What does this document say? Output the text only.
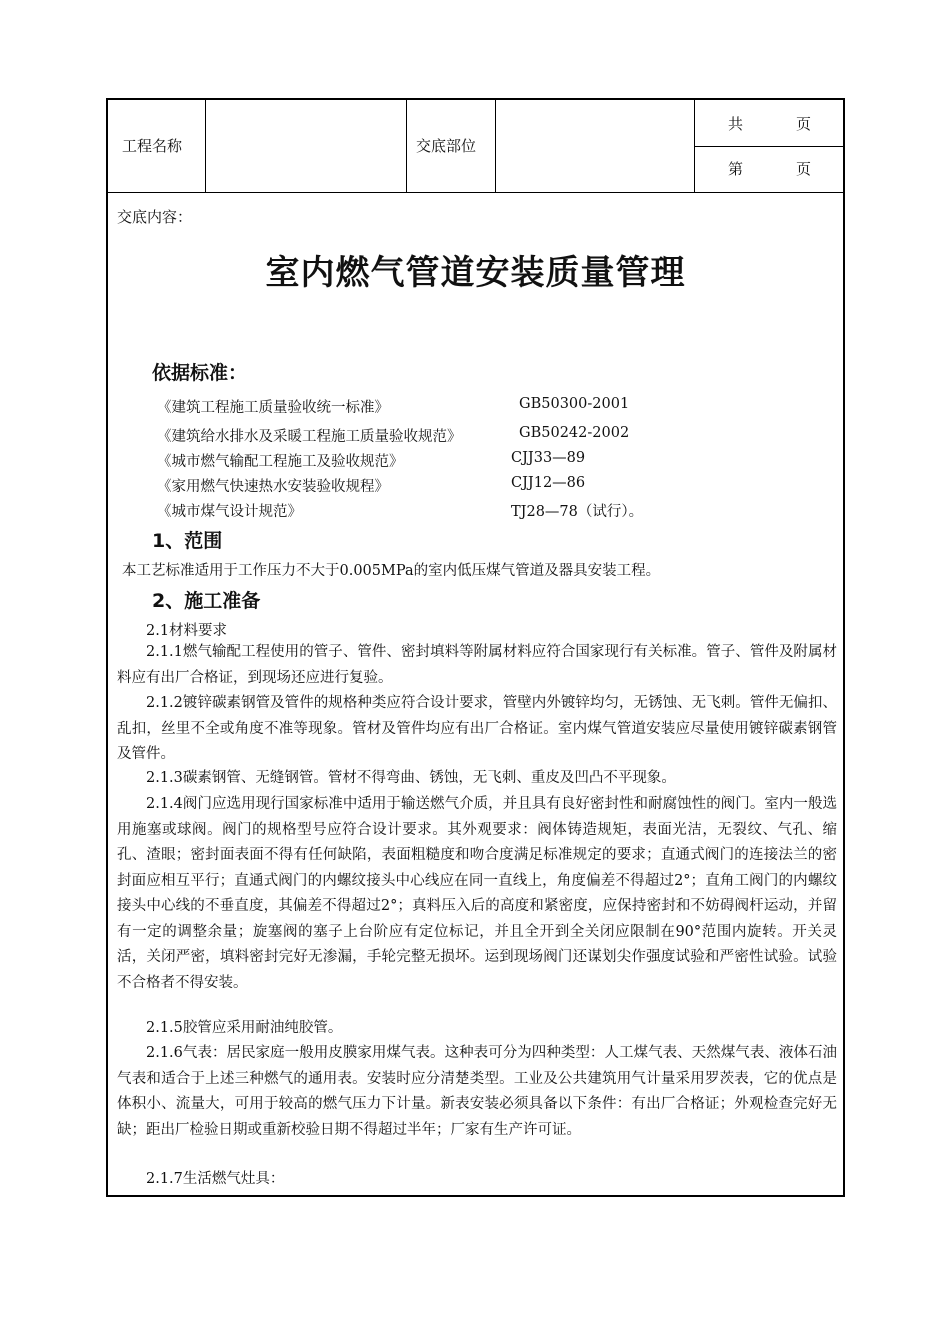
工程名称	交底部位
共	页
第	页
交底内容：
室内燃气管道安装质量管理
依据标准：
《建筑工程施工质量验收统一标准》	GB50300-2001
《建筑给水排水及采暖工程施工质量验收规范》	GB50242-2002
《城市燃气输配工程施工及验收规范》	CJJ33—89
《家用燃气快速热水安装验收规程》	CJJ12—86
《城市煤气设计规范》	TJ28—78（试行）。
1、范围
本工艺标准适用于工作压力不大于0.005MPa的室内低压煤气管道及器具安装工程。
2、施工准备
2.1材料要求
2.1.1燃气输配工程使用的管子、管件、密封填料等附属材料应符合国家现行有关标准。管子、管件及附属材料应有出厂合格证，到现场还应进行复验。
2.1.2镀锌碳素钢管及管件的规格种类应符合设计要求，管壁内外镀锌均匀，无锈蚀、无飞刺。管件无偏扣、乱扣，丝里不全或角度不准等现象。管材及管件均应有出厂合格证。室内煤气管道安装应尽量使用镀锌碳素钢管及管件。
2.1.3碳素钢管、无缝钢管。管材不得弯曲、锈蚀，无飞刺、重皮及凹凸不平现象。
2.1.4阀门应选用现行国家标准中适用于输送燃气介质，并且具有良好密封性和耐腐蚀性的阀门。室内一般选用施塞或球阀。阀门的规格型号应符合设计要求。其外观要求：阀体铸造规矩，表面光洁，无裂纹、气孔、缩孔、渣眼；密封面表面不得有任何缺陷，表面粗糙度和吻合度满足标准规定的要求；直通式阀门的连接法兰的密封面应相互平行；直通式阀门的内螺纹接头中心线应在同一直线上，角度偏差不得超过2°；直角工阀门的内螺纹接头中心线的不垂直度，其偏差不得超过2°；真料压入后的高度和紧密度，应保持密封和不妨碍阀杆运动，并留有一定的调整余量；旋塞阀的塞子上台阶应有定位标记，并且全开到全关闭应限制在90°范围内旋转。开关灵活，关闭严密，填料密封完好无渗漏，手轮完整无损坏。运到现场阀门还谋划尖作强度试验和严密性试验。试验不合格者不得安装。
2.1.5胶管应采用耐油纯胶管。
2.1.6气表：居民家庭一般用皮膜家用煤气表。这种表可分为四种类型：人工煤气表、天然煤气表、液体石油气表和适合于上述三种燃气的通用表。安装时应分清楚类型。工业及公共建筑用气计量采用罗茨表，它的优点是体积小、流量大，可用于较高的燃气压力下计量。新表安装必须具备以下条件：有出厂合格证；外观检查完好无缺；距出厂检验日期或重新校验日期不得超过半年；厂家有生产许可证。
2.1.7生活燃气灶具：
